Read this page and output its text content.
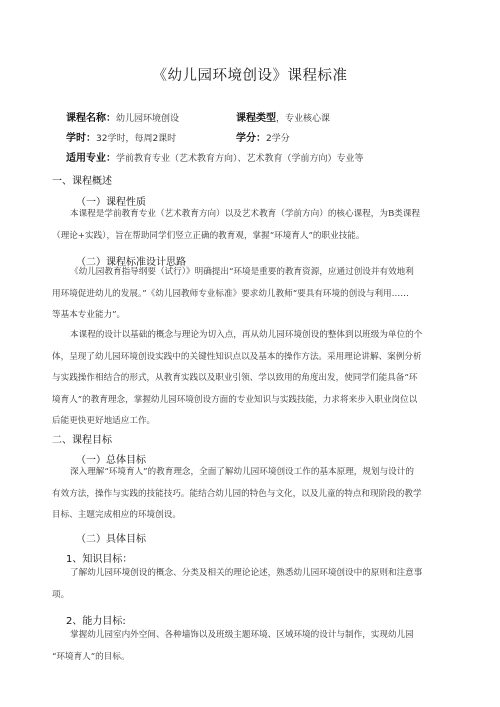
《幼儿园环境创设》课程标准
课程名称：幼儿园环境创设	课程类型，专业核心课
学时：32学时，每周2课时	学分：2学分
适用专业：学前教育专业（艺术教育方向）、艺术教育（学前方向）专业等
一、课程概述
（一）课程性质
本课程是学前教育专业（艺术教育方向）以及艺术教育（学前方向）的核心课程，为B类课程
（理论+实践），旨在帮助同学们竖立正确的教育观，掌握“环境育人”的职业技能。
（二）课程标准设计思路
《幼儿园教育指导纲要（试行）》明确提出“环境是重要的教育资源，应通过创设并有效地利
用环境促进幼儿的发展。”《幼儿园教师专业标准》要求幼儿教师“要具有环境的创设与利用……
等基本专业能力”。
本课程的设计以基础的概念与理论为切入点，再从幼儿园环境创设的整体到以班级为单位的个
体，呈现了幼儿园环境创设实践中的关键性知识点以及基本的操作方法。采用理论讲解、案例分析
与实践操作相结合的形式，从教育实践以及职业引领、学以致用的角度出发，使同学们能具备“环
境育人”的教育理念，掌握幼儿园环境创设方面的专业知识与实践技能，力求将来步入职业岗位以
后能更快更好地适应工作。
二、课程目标
（一）总体目标
深入理解“环境育人”的教育理念，全面了解幼儿园环境创设工作的基本原理，规划与设计的
有效方法，操作与实践的技能技巧。能结合幼儿园的特色与文化，以及儿童的特点和现阶段的教学
目标、主题完成相应的环境创设。
（二）具体目标
1、知识目标：
了解幼儿园环境创设的概念、分类及相关的理论论述，熟悉幼儿园环境创设中的原则和注意事
项。
2、能力目标:
掌握幼儿园室内外空间、各种墙饰以及班级主题环境、区域环境的设计与制作，实现幼儿园
“环境育人”的目标。
